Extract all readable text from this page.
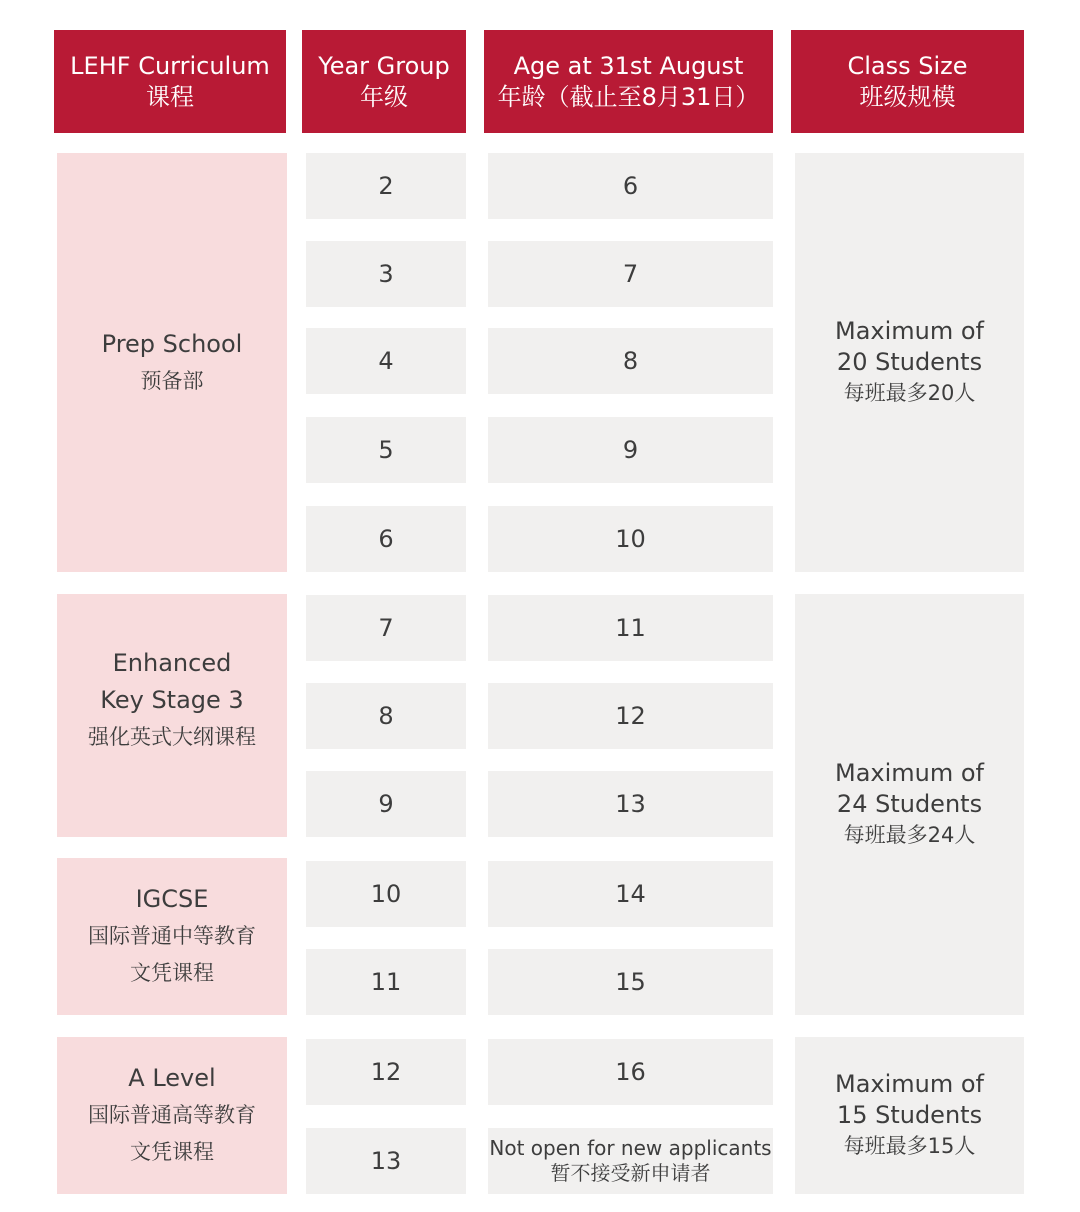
LEHF Curriculum
课程
Year Group
年级
Age at 31st August
年龄（截止至8月31日）
Class Size
班级规模
Prep School
预备部
Enhanced
Key Stage 3
强化英式大纲课程
IGCSE
国际普通中等教育
文凭课程
A Level
国际普通高等教育
文凭课程
2
3
4
5
6
7
8
9
10
11
12
13
6
7
8
9
10
11
12
13
14
15
16
Not open for new applicants
暂不接受新申请者
Maximum of
20 Students
每班最多20人
Maximum of
24 Students
每班最多24人
Maximum of
15 Students
每班最多15人
